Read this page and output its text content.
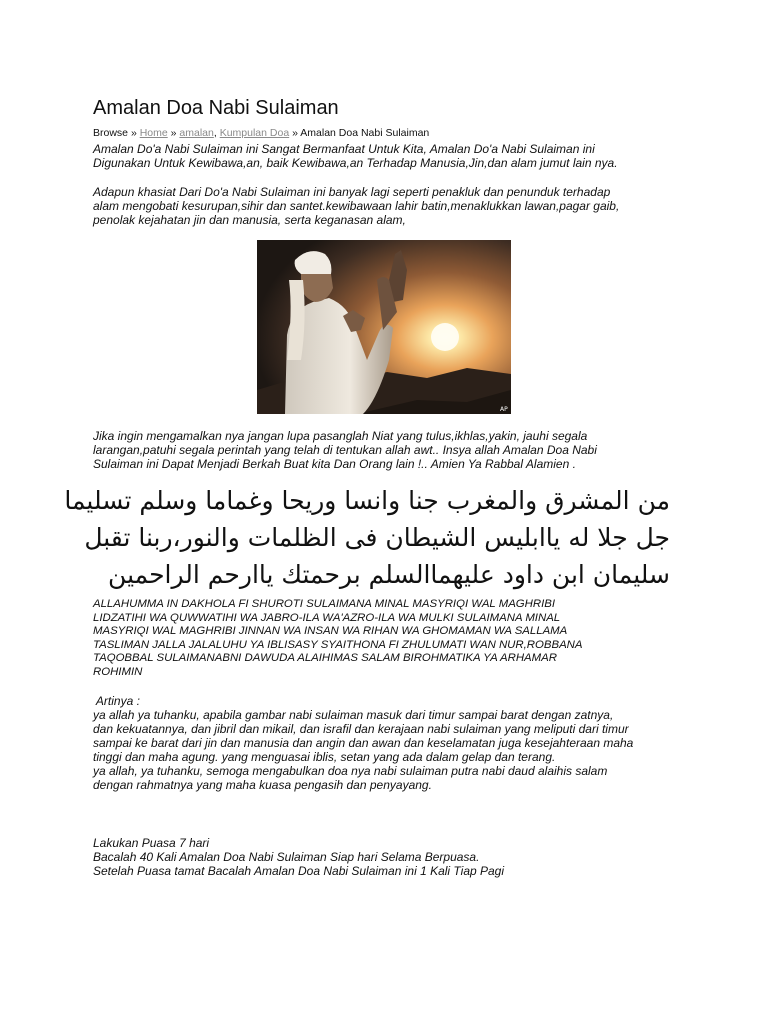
Amalan Doa Nabi Sulaiman
Browse » Home » amalan, Kumpulan Doa » Amalan Doa Nabi Sulaiman

Amalan Do'a Nabi Sulaiman ini Sangat Bermanfaat Untuk Kita, Amalan Do'a Nabi Sulaiman ini
Digunakan Untuk Kewibawa,an, baik Kewibawa,an Terhadap Manusia,Jin,dan alam jumut lain nya.

Adapun khasiat Dari Do'a Nabi Sulaiman ini banyak lagi seperti penakluk dan penunduk terhadap
alam mengobati kesurupan,sihir dan santet.kewibawaan lahir batin,menaklukkan lawan,pagar gaib,
penolak kejahatan jin dan manusia, serta keganasan alam,

AP

Jika ingin mengamalkan nya jangan lupa pasanglah Niat yang tulus,ikhlas,yakin, jauhi segala
larangan,patuhi segala perintah yang telah di tentukan allah awt.. Insya allah Amalan Doa Nabi
Sulaiman ini Dapat Menjadi Berkah Buat kita Dan Orang lain !.. Amien Ya Rabbal Alamien .

من المشرق والمغرب جنا وانسا وريحا وغماما وسلم تسليما
جل جلا له ياابليس الشيطان فى الظلمات والنور،ربنا تقبل
سليمان ابن داود عليهماالسلم برحمتك ياارحم الراحمين

ALLAHUMMA IN DAKHOLA FI SHUROTI SULAIMANA MINAL MASYRIQI WAL MAGHRIBI
LIDZATIHI WA QUWWATIHI WA JABRO-ILA WA'AZRO-ILA WA MULKI SULAIMANA MINAL
MASYRIQI WAL MAGHRIBI JINNAN WA INSAN WA RIHAN WA GHOMAMAN WA SALLAMA
TASLIMAN JALLA JALALUHU YA IBLISASY SYAITHONA FI ZHULUMATI WAN NUR,ROBBANA
TAQOBBAL SULAIMANABNI DAWUDA ALAIHIMAS SALAM BIROHMATIKA YA ARHAMAR
ROHIMIN

Artinya :
ya allah ya tuhanku, apabila gambar nabi sulaiman masuk dari timur sampai barat dengan zatnya,
dan kekuatannya, dan jibril dan mikail, dan israfil dan kerajaan nabi sulaiman yang meliputi dari timur
sampai ke barat dari jin dan manusia dan angin dan awan dan keselamatan juga kesejahteraan maha
tinggi dan maha agung. yang menguasai iblis, setan yang ada dalam gelap dan terang.
ya allah, ya tuhanku, semoga mengabulkan doa nya nabi sulaiman putra nabi daud alaihis salam
dengan rahmatnya yang maha kuasa pengasih dan penyayang.

Lakukan Puasa 7 hari
Bacalah 40 Kali Amalan Doa Nabi Sulaiman Siap hari Selama Berpuasa.
Setelah Puasa tamat Bacalah Amalan Doa Nabi Sulaiman ini 1 Kali Tiap Pagi
